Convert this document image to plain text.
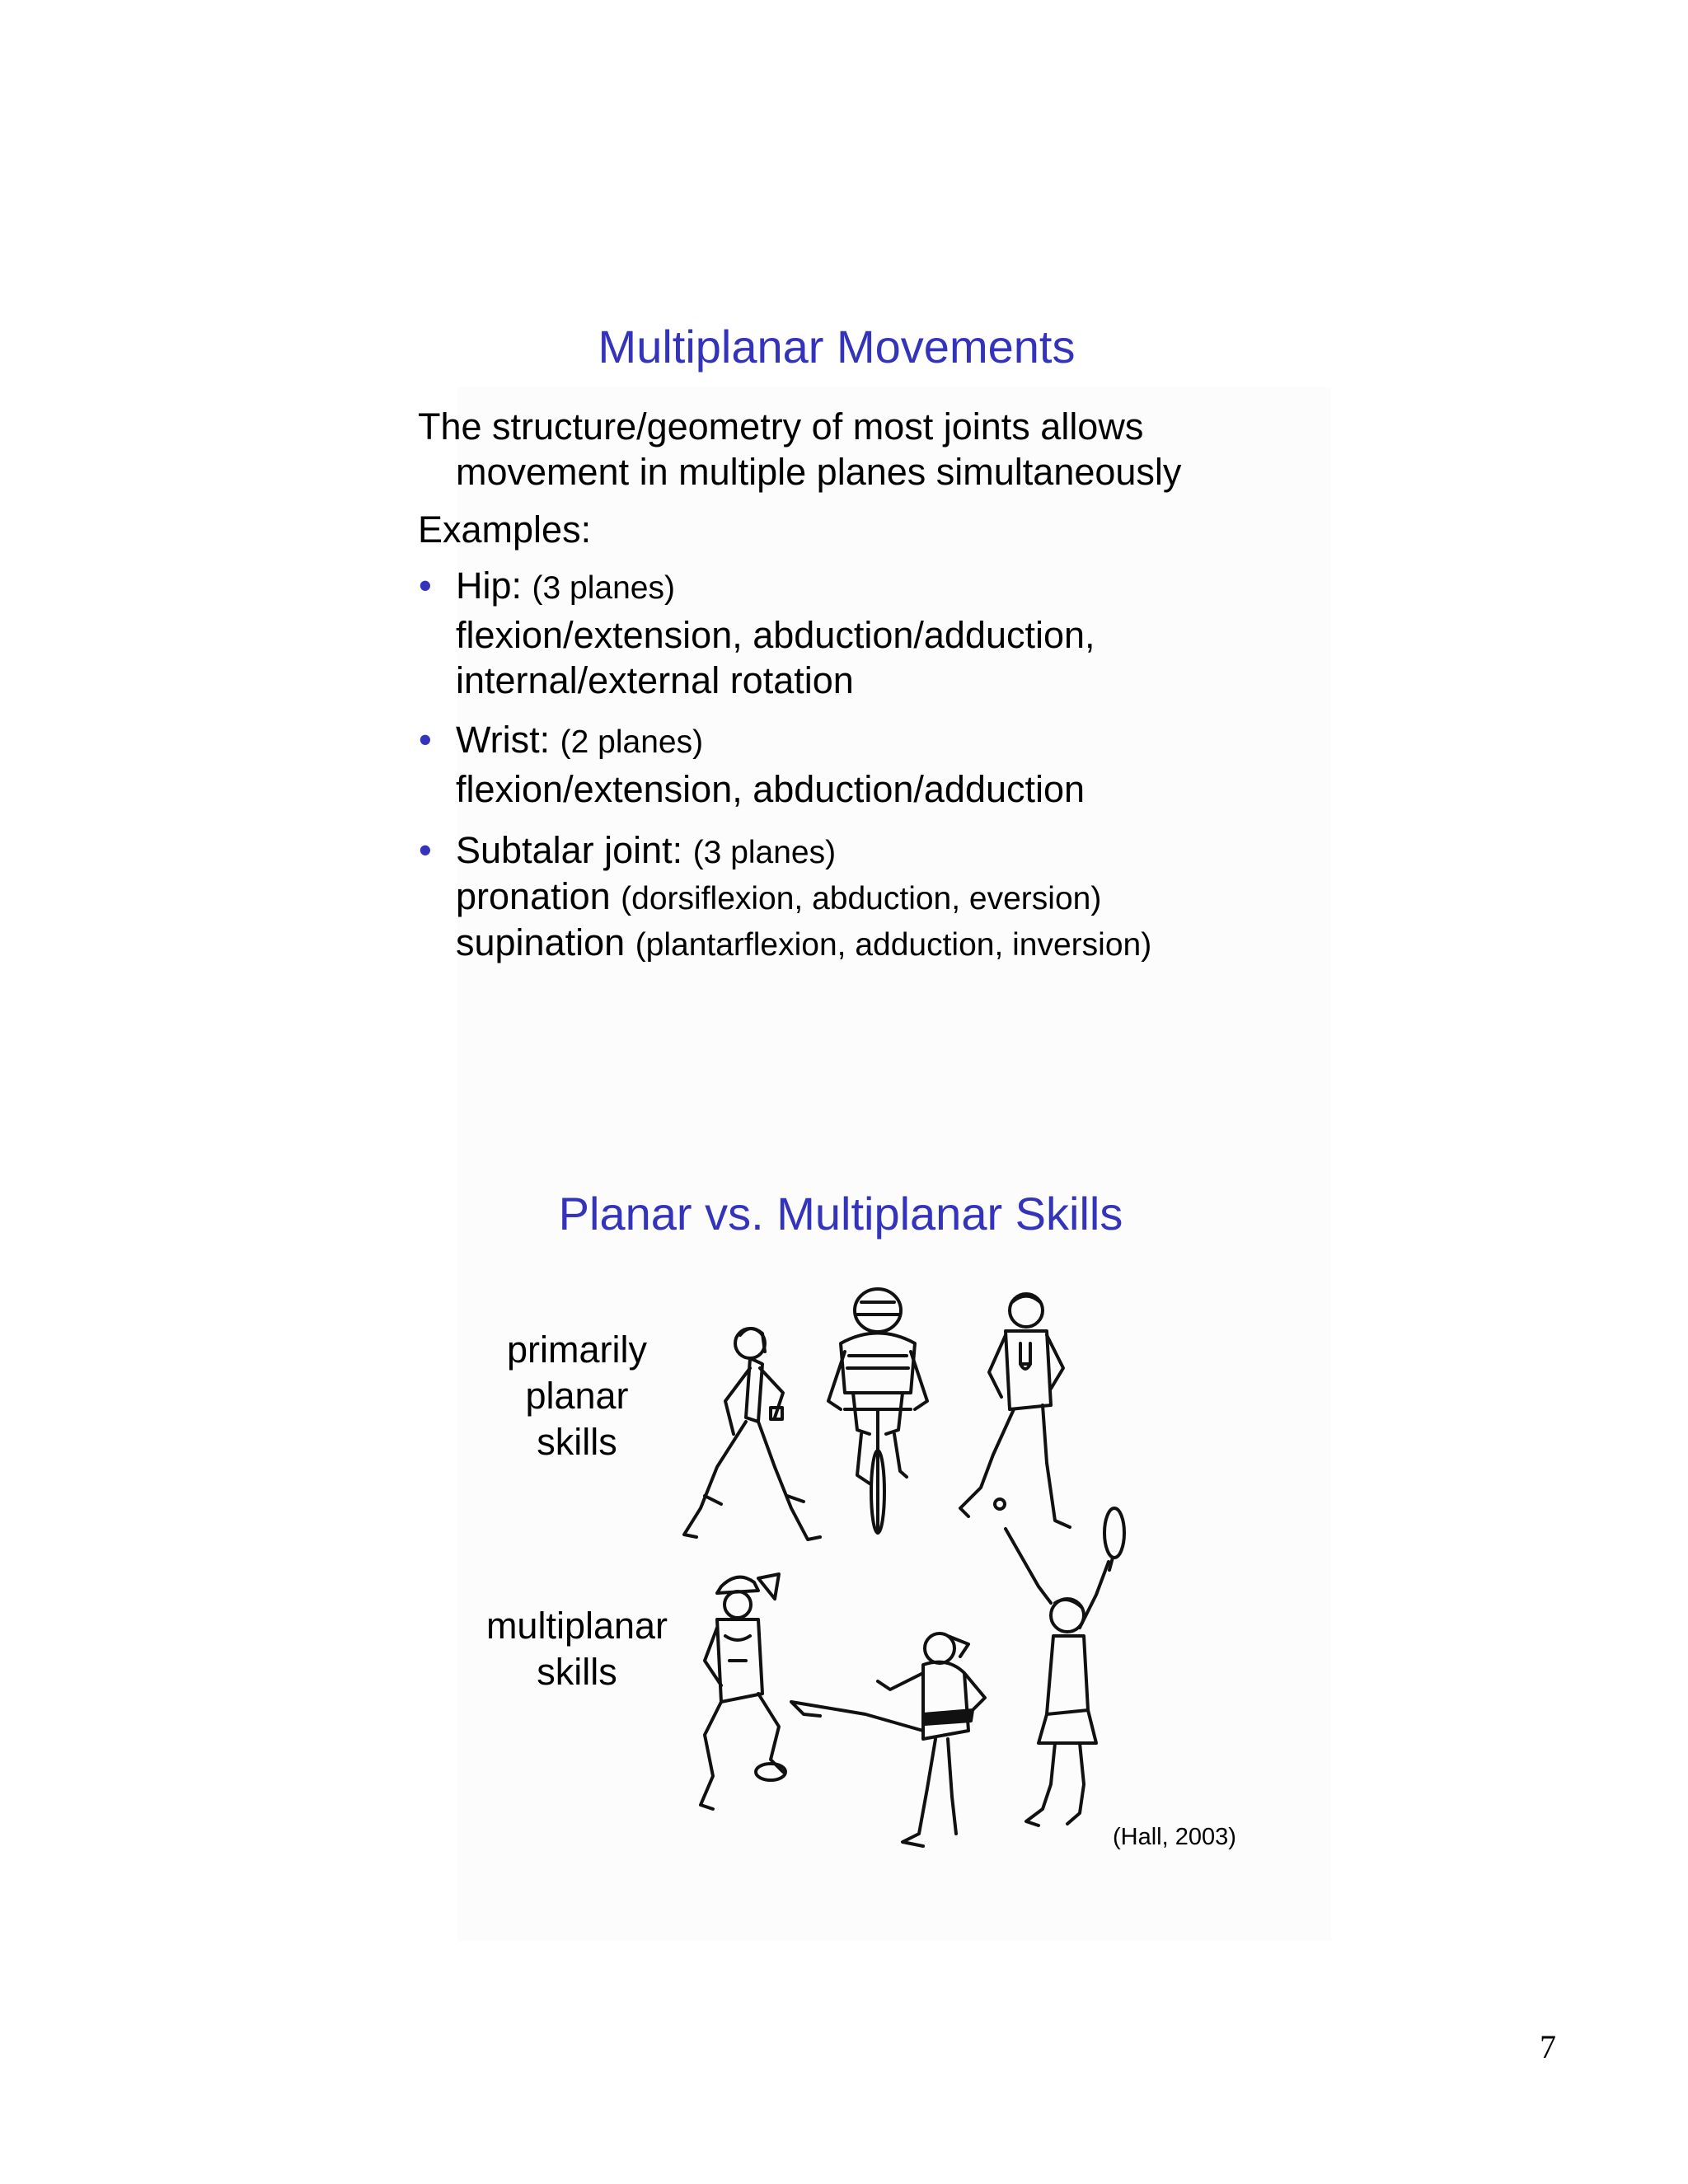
Multiplanar Movements
The structure/geometry of most joints allows
movement in multiple planes simultaneously
Examples:
• Hip: (3 planes)
flexion/extension, abduction/adduction,
internal/external rotation
• Wrist: (2 planes)
flexion/extension, abduction/adduction
• Subtalar joint: (3 planes)
pronation (dorsiflexion, abduction, eversion)
supination (plantarflexion, adduction, inversion)
Planar vs. Multiplanar Skills
primarily
planar
skills
multiplanar
skills
(Hall, 2003)
7
